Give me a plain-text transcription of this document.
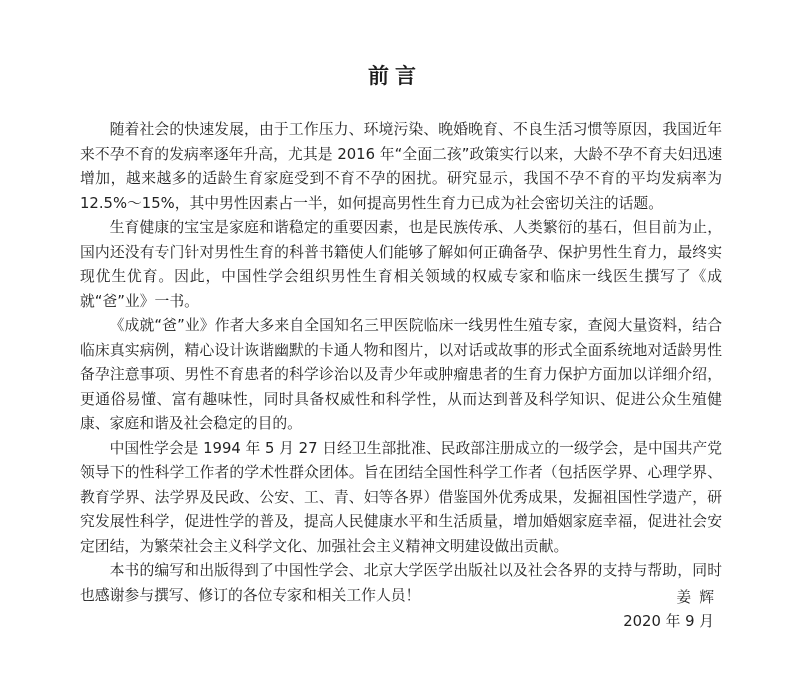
前言

随着社会的快速发展，由于工作压力、环境污染、晚婚晚育、不良生活习惯等原因，我国近年来不孕不育的发病率逐年升高，尤其是 2016 年“全面二孩”政策实行以来，大龄不孕不育夫妇迅速增加，越来越多的适龄生育家庭受到不育不孕的困扰。研究显示，我国不孕不育的平均发病率为 12.5%～15%，其中男性因素占一半，如何提高男性生育力已成为社会密切关注的话题。

生育健康的宝宝是家庭和谐稳定的重要因素，也是民族传承、人类繁衍的基石，但目前为止，国内还没有专门针对男性生育的科普书籍使人们能够了解如何正确备孕、保护男性生育力，最终实现优生优育。因此，中国性学会组织男性生育相关领域的权威专家和临床一线医生撰写了《成就“爸”业》一书。

《成就“爸”业》作者大多来自全国知名三甲医院临床一线男性生殖专家，查阅大量资料，结合临床真实病例，精心设计诙谐幽默的卡通人物和图片，以对话或故事的形式全面系统地对适龄男性备孕注意事项、男性不育患者的科学诊治以及青少年或肿瘤患者的生育力保护方面加以详细介绍，更通俗易懂、富有趣味性，同时具备权威性和科学性，从而达到普及科学知识、促进公众生殖健康、家庭和谐及社会稳定的目的。

中国性学会是 1994 年 5 月 27 日经卫生部批准、民政部注册成立的一级学会，是中国共产党领导下的性科学工作者的学术性群众团体。旨在团结全国性科学工作者（包括医学界、心理学界、教育学界、法学界及民政、公安、工、青、妇等各界）借鉴国外优秀成果，发掘祖国性学遗产，研究发展性科学，促进性学的普及，提高人民健康水平和生活质量，增加婚姻家庭幸福，促进社会安定团结，为繁荣社会主义科学文化、加强社会主义精神文明建设做出贡献。

本书的编写和出版得到了中国性学会、北京大学医学出版社以及社会各界的支持与帮助，同时也感谢参与撰写、修订的各位专家和相关工作人员！	姜辉
2020 年 9 月
